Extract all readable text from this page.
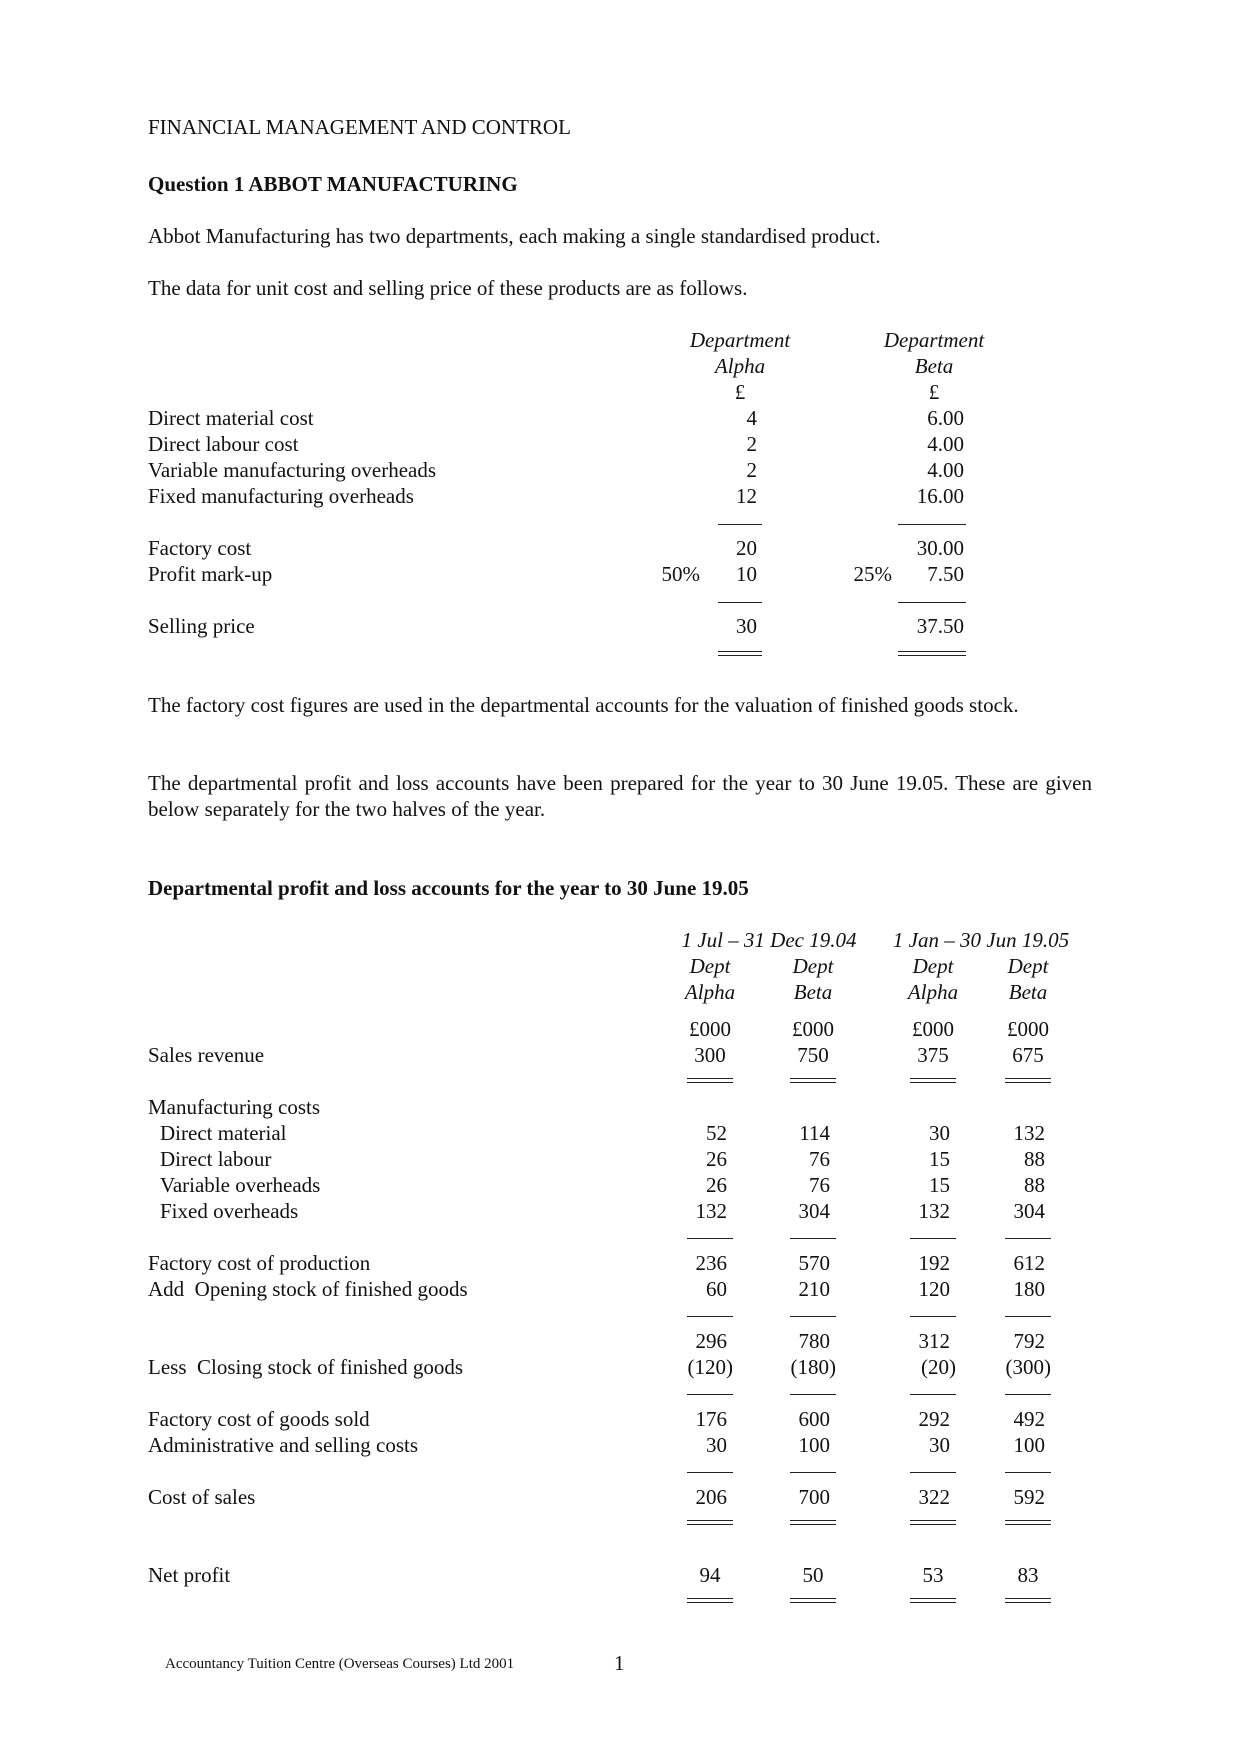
FINANCIAL MANAGEMENT AND CONTROL
Question 1 ABBOT MANUFACTURING
Abbot Manufacturing has two departments, each making a single standardised product.
The data for unit cost and selling price of these products are as follows.
Department
Alpha
£
Department
Beta
£
Direct material cost	4	6.00
Direct labour cost	2	4.00
Variable manufacturing overheads	2	4.00
Fixed manufacturing overheads	12	16.00
Factory cost	20	30.00
Profit mark-up	50% 10	25% 7.50
Selling price	30	37.50
The factory cost figures are used in the departmental accounts for the valuation of finished goods stock.
The departmental profit and loss accounts have been prepared for the year to 30 June 19.05. These are given below separately for the two halves of the year.
Departmental profit and loss accounts for the year to 30 June 19.05
1 Jul – 31 Dec 19.04 1 Jan – 30 Jun 19.05
Dept
Alpha
£000
Dept
Beta
£000
Dept
Alpha
£000
Dept
Beta
£000
Sales revenue	300	750	375	675
Manufacturing costs
Direct material	52	114	30	132
Direct labour	26	76	15	88
Variable overheads	26	76	15	88
Fixed overheads	132	304	132	304
Factory cost of production	236	570	192	612
Add  Opening stock of finished goods	60	210	120	180
296	780	312	792
Less  Closing stock of finished goods	(120)	(180)	(20) (300)
Factory cost of goods sold	176	600	292	492
Administrative and selling costs	30	100	30	100
Cost of sales	206	700	322	592
Net profit	94	50	53	83
Accountancy Tuition Centre (Overseas Courses) Ltd 2001	1
